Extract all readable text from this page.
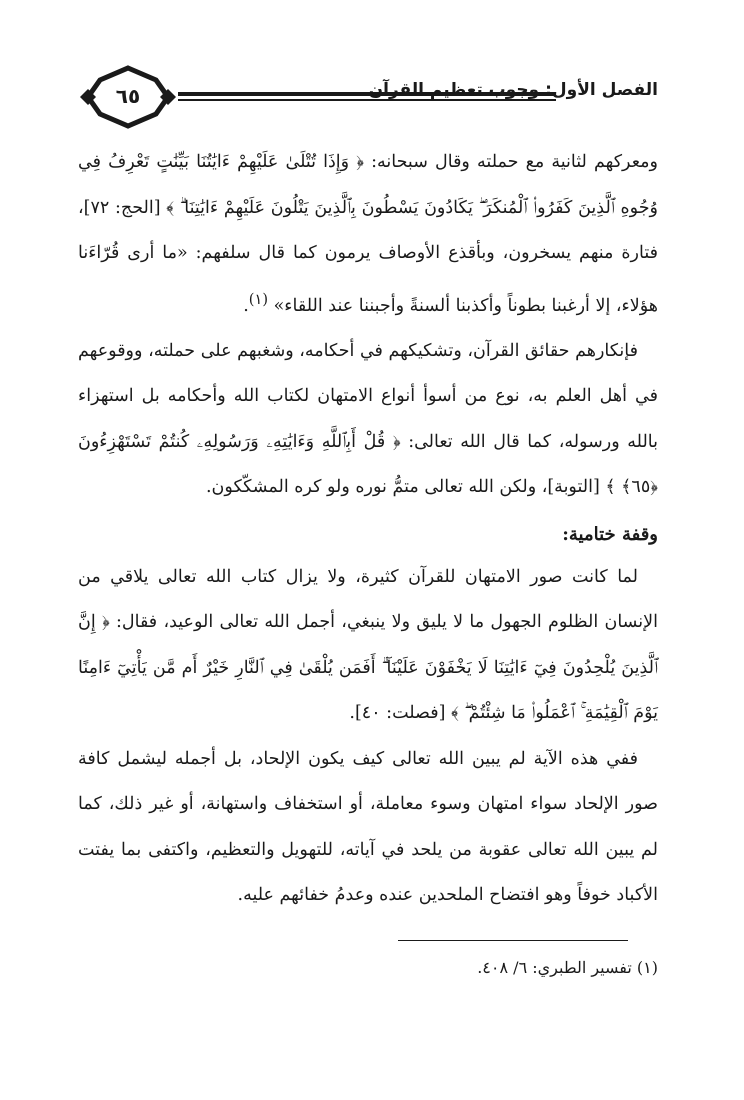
٦٥	الفصل الأول: وجوب تعظيم القرآن

ومعركهم لثانية مع حملته وقال سبحانه: ﴿ وَإِذَا تُتْلَىٰ عَلَيْهِمْ ءَايَٰتُنَا بَيِّنَٰتٍ تَعْرِفُ فِي وُجُوهِ ٱلَّذِينَ كَفَرُوا۟ ٱلْمُنكَرَ ۖ يَكَادُونَ يَسْطُونَ بِٱلَّذِينَ يَتْلُونَ عَلَيْهِمْ ءَايَٰتِنَا ۗ ﴾ [الحج: ٧٢]، فتارة منهم يسخرون، وبأقذع الأوصاف يرمون كما قال سلفهم: «ما أرى قُرّاءَنا هؤلاء، إلا أرغبنا بطوناً وأكذبنا ألسنةً وأجبننا عند اللقاء» $^{(١)}$.

فإنكارهم حقائق القرآن، وتشكيكهم في أحكامه، وشغبهم على حملته، ووقوعهم في أهل العلم به، نوع من أسوأ أنواع الامتهان لكتاب الله وأحكامه بل استهزاء بالله ورسوله، كما قال الله تعالى: ﴿ قُلْ أَبِٱللَّهِ وَءَايَٰتِهِۦ وَرَسُولِهِۦ كُنتُمْ تَسْتَهْزِءُونَ ﴿٦٥﴾ ﴾ [التوبة]، ولكن الله تعالى متمُّ نوره ولو كره المشكّكون.

وقفة ختامية:

لما كانت صور الامتهان للقرآن كثيرة، ولا يزال كتاب الله تعالى يلاقي من الإنسان الظلوم الجهول ما لا يليق ولا ينبغي، أجمل الله تعالى الوعيد، فقال: ﴿ إِنَّ ٱلَّذِينَ يُلْحِدُونَ فِيٓ ءَايَٰتِنَا لَا يَخْفَوْنَ عَلَيْنَآ ۗ أَفَمَن يُلْقَىٰ فِي ٱلنَّارِ خَيْرٌ أَم مَّن يَأْتِيٓ ءَامِنًا يَوْمَ ٱلْقِيَٰمَةِ ۚ ٱعْمَلُوا۟ مَا شِئْتُمْ ۖ ﴾ [فصلت: ٤٠].

ففي هذه الآية لم يبين الله تعالى كيف يكون الإلحاد، بل أجمله ليشمل كافة صور الإلحاد سواء امتهان وسوء معاملة، أو استخفاف واستهانة، أو غير ذلك، كما لم يبين الله تعالى عقوبة من يلحد في آياته، للتهويل والتعظيم، واكتفى بما يفتت الأكباد خوفاً وهو افتضاح الملحدين عنده وعدمُ خفائهم عليه.

(١) تفسير الطبري: ٦/ ٤٠٨.
